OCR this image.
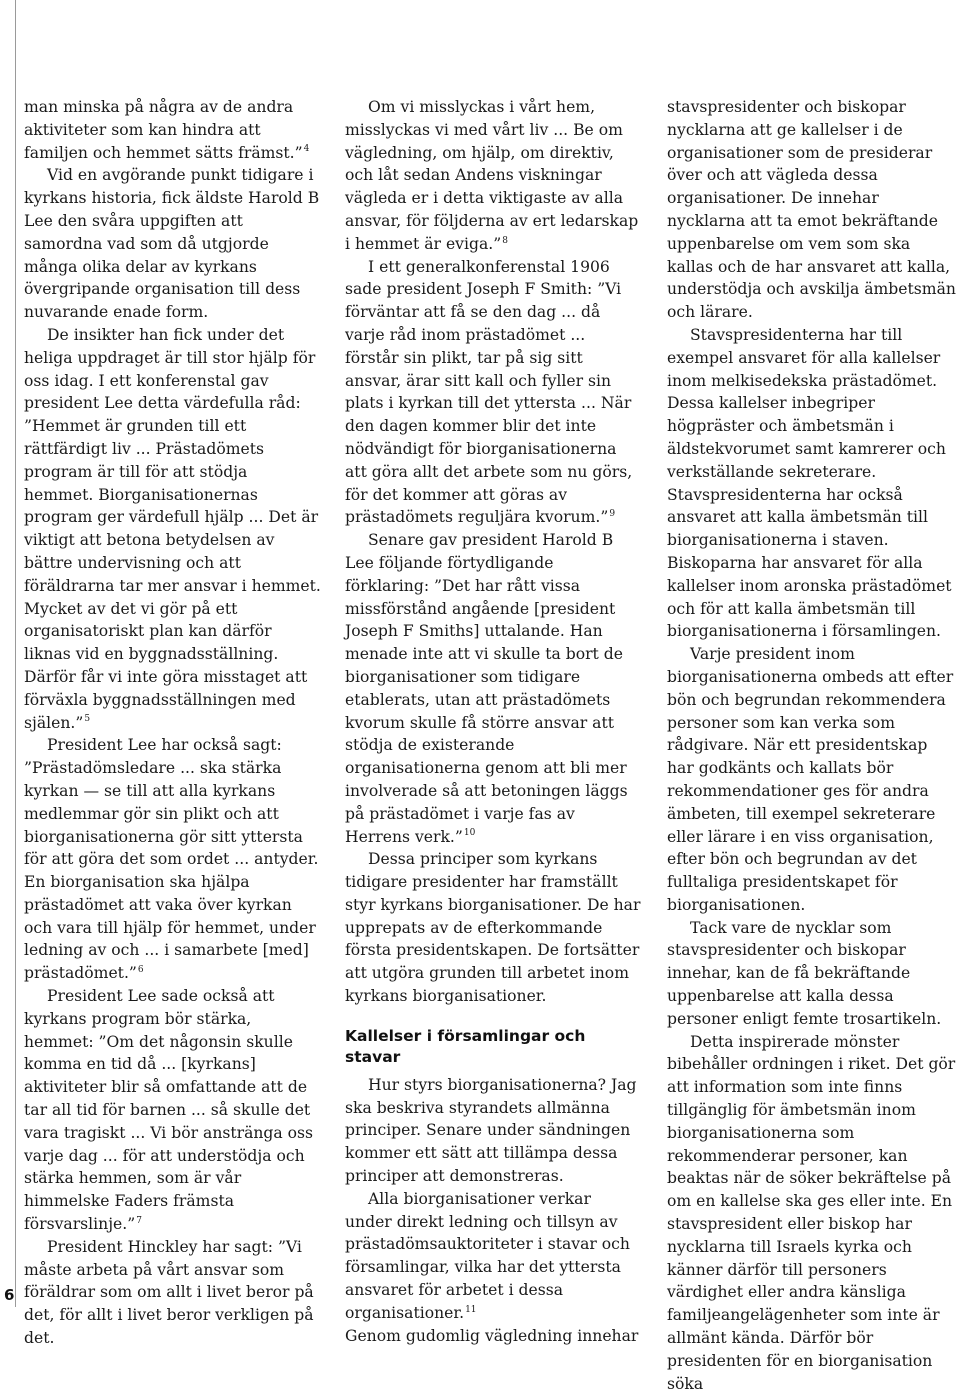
6

man minska på några av de andra aktiviteter som kan hindra att familjen och hemmet sätts främst.”$^4$

Vid en avgörande punkt tidigare i kyrkans historia, fick äldste Harold B Lee den svåra uppgiften att samordna vad som då utgjorde många olika delar av kyrkans övergripande organisation till dess nuvarande enade form.

De insikter han fick under det heliga uppdraget är till stor hjälp för oss idag. I ett konferenstal gav president Lee detta värdefulla råd: ”Hemmet är grunden till ett rättfärdigt liv ... Prästadömets program är till för att stödja hemmet. Biorganisationernas program ger värdefull hjälp ... Det är viktigt att betona betydelsen av bättre undervisning och att föräldrarna tar mer ansvar i hemmet. Mycket av det vi gör på ett organisatoriskt plan kan därför liknas vid en byggnadsställning. Därför får vi inte göra misstaget att förväxla byggnadsställningen med själen.”$^5$

President Lee har också sagt: ”Prästadömsledare ... ska stärka kyrkan — se till att alla kyrkans medlemmar gör sin plikt och att biorganisationerna gör sitt yttersta för att göra det som ordet ... antyder. En biorganisation ska hjälpa prästadömet att vaka över kyrkan och vara till hjälp för hemmet, under ledning av och ... i samarbete [med] prästadömet.”$^6$

President Lee sade också att kyrkans program bör stärka, hemmet: ”Om det någonsin skulle komma en tid då ... [kyrkans] aktiviteter blir så omfattande att de tar all tid för barnen ... så skulle det vara tragiskt ... Vi bör anstränga oss varje dag ... för att understödja och stärka hemmen, som är vår himmelske Faders främsta försvarslinje.”$^7$

President Hinckley har sagt: ”Vi måste arbeta på vårt ansvar som föräldrar som om allt i livet beror på det, för allt i livet beror verkligen på det.

Om vi misslyckas i vårt hem, misslyckas vi med vårt liv ... Be om vägledning, om hjälp, om direktiv, och låt sedan Andens viskningar vägleda er i detta viktigaste av alla ansvar, för följderna av ert ledarskap i hemmet är eviga.”$^8$

I ett generalkonferenstal 1906 sade president Joseph F Smith: ”Vi förväntar att få se den dag ... då varje råd inom prästadömet ... förstår sin plikt, tar på sig sitt ansvar, ärar sitt kall och fyller sin plats i kyrkan till det yttersta ... När den dagen kommer blir det inte nödvändigt för biorganisationerna att göra allt det arbete som nu görs, för det kommer att göras av prästadömets reguljära kvorum.”$^9$

Senare gav president Harold B Lee följande förtydligande förklaring: ”Det har rått vissa missförstånd angående [president Joseph F Smiths] uttalande. Han menade inte att vi skulle ta bort de biorganisationer som tidigare etablerats, utan att prästadömets kvorum skulle få större ansvar att stödja de existerande organisationerna genom att bli mer involverade så att betoningen läggs på prästadömet i varje fas av Herrens verk.”$^{10}$

Dessa principer som kyrkans tidigare presidenter har framställt styr kyrkans biorganisationer. De har upprepats av de efterkommande första presidentskapen. De fortsätter att utgöra grunden till arbetet inom kyrkans biorganisationer.

Kallelser i församlingar och stavar

Hur styrs biorganisationerna? Jag ska beskriva styrandets allmänna principer. Senare under sändningen kommer ett sätt att tillämpa dessa principer att demonstreras.

Alla biorganisationer verkar under direkt ledning och tillsyn av prästadömsauktoriteter i stavar och församlingar, vilka har det yttersta ansvaret för arbetet i dessa organisationer.$^{11}$

Genom gudomlig vägledning innehar

stavspresidenter och biskopar nycklarna att ge kallelser i de organisationer som de presiderar över och att vägleda dessa organisationer. De innehar nycklarna att ta emot bekräftande uppenbarelse om vem som ska kallas och de har ansvaret att kalla, understödja och avskilja ämbetsmän och lärare.

Stavspresidenterna har till exempel ansvaret för alla kallelser inom melkisedekska prästadömet. Dessa kallelser inbegriper högpräster och ämbetsmän i äldstekvorumet samt kamrerer och verkställande sekreterare. Stavspresidenterna har också ansvaret att kalla ämbetsmän till biorganisationerna i staven. Biskoparna har ansvaret för alla kallelser inom aronska prästadömet och för att kalla ämbetsmän till biorganisationerna i församlingen.

Varje president inom biorganisationerna ombeds att efter bön och begrundan rekommendera personer som kan verka som rådgivare. När ett presidentskap har godkänts och kallats bör rekommendationer ges för andra ämbeten, till exempel sekreterare eller lärare i en viss organisation, efter bön och begrundan av det fulltaliga presidentskapet för biorganisationen.

Tack vare de nycklar som stavspresidenter och biskopar innehar, kan de få bekräftande uppenbarelse att kalla dessa personer enligt femte trosartikeln.

Detta inspirerade mönster bibehåller ordningen i riket. Det gör att information som inte finns tillgänglig för ämbetsmän inom biorganisationerna som rekommenderar personer, kan beaktas när de söker bekräftelse på om en kallelse ska ges eller inte. En stavspresident eller biskop har nycklarna till Israels kyrka och känner därför till personers värdighet eller andra känsliga familjeangelägenheter som inte är allmänt kända. Därför bör presidenten för en biorganisation söka
